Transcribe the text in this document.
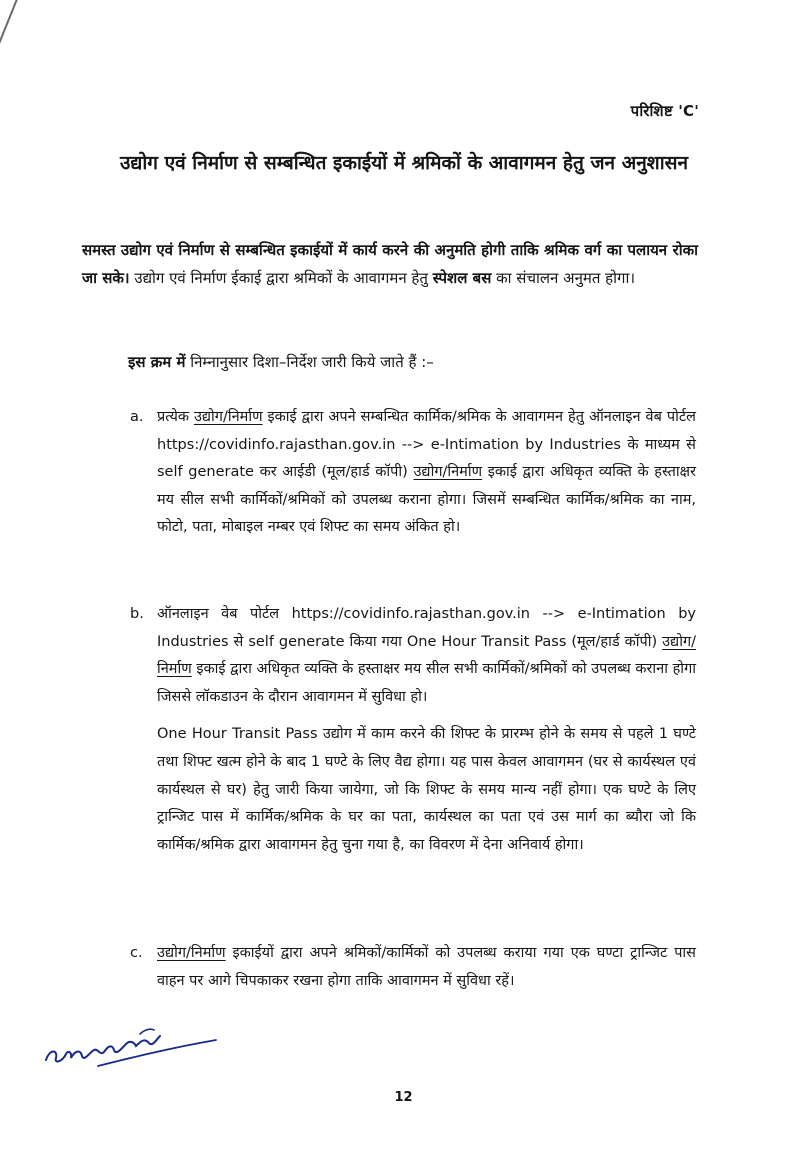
परिशिष्ट 'C'
उद्योग एवं निर्माण से सम्बन्धित इकाईयों में श्रमिकों के आवागमन हेतु जन अनुशासन
समस्त उद्योग एवं निर्माण से सम्बन्धित इकाईयों में कार्य करने की अनुमति होगी ताकि श्रमिक वर्ग का पलायन रोका जा सके। उद्योग एवं निर्माण ईकाई द्वारा श्रमिकों के आवागमन हेतु स्पेशल बस का संचालन अनुमत होगा।
इस क्रम में निम्नानुसार दिशा–निर्देश जारी किये जाते हैं :–
a. प्रत्येक उद्योग/निर्माण इकाई द्वारा अपने सम्बन्धित कार्मिक/श्रमिक के आवागमन हेतु ऑनलाइन वेब पोर्टल https://covidinfo.rajasthan.gov.in --> e-Intimation by Industries के माध्यम से self generate कर आईडी (मूल/हार्ड कॉपी) उद्योग/निर्माण इकाई द्वारा अधिकृत व्यक्ति के हस्ताक्षर मय सील सभी कार्मिकों/श्रमिकों को उपलब्ध कराना होगा। जिसमें सम्बन्धित कार्मिक/श्रमिक का नाम, फोटो, पता, मोबाइल नम्बर एवं शिफ्ट का समय अंकित हो।
b. ऑनलाइन वेब पोर्टल https://covidinfo.rajasthan.gov.in --> e-Intimation by Industries से self generate किया गया One Hour Transit Pass (मूल/हार्ड कॉपी) उद्योग/निर्माण इकाई द्वारा अधिकृत व्यक्ति के हस्ताक्षर मय सील सभी कार्मिकों/श्रमिकों को उपलब्ध कराना होगा जिससे लॉकडाउन के दौरान आवागमन में सुविधा हो।
One Hour Transit Pass उद्योग में काम करने की शिफ्ट के प्रारम्भ होने के समय से पहले 1 घण्टे तथा शिफ्ट खत्म होने के बाद 1 घण्टे के लिए वैद्य होगा। यह पास केवल आवागमन (घर से कार्यस्थल एवं कार्यस्थल से घर) हेतु जारी किया जायेगा, जो कि शिफ्ट के समय मान्य नहीं होगा। एक घण्टे के लिए ट्रान्जिट पास में कार्मिक/श्रमिक के घर का पता, कार्यस्थल का पता एवं उस मार्ग का ब्यौरा जो कि कार्मिक/श्रमिक द्वारा आवागमन हेतु चुना गया है, का विवरण में देना अनिवार्य होगा।
c. उद्योग/निर्माण इकाईयों द्वारा अपने श्रमिकों/कार्मिकों को उपलब्ध कराया गया एक घण्टा ट्रान्जिट पास वाहन पर आगे चिपकाकर रखना होगा ताकि आवागमन में सुविधा रहें।
12
